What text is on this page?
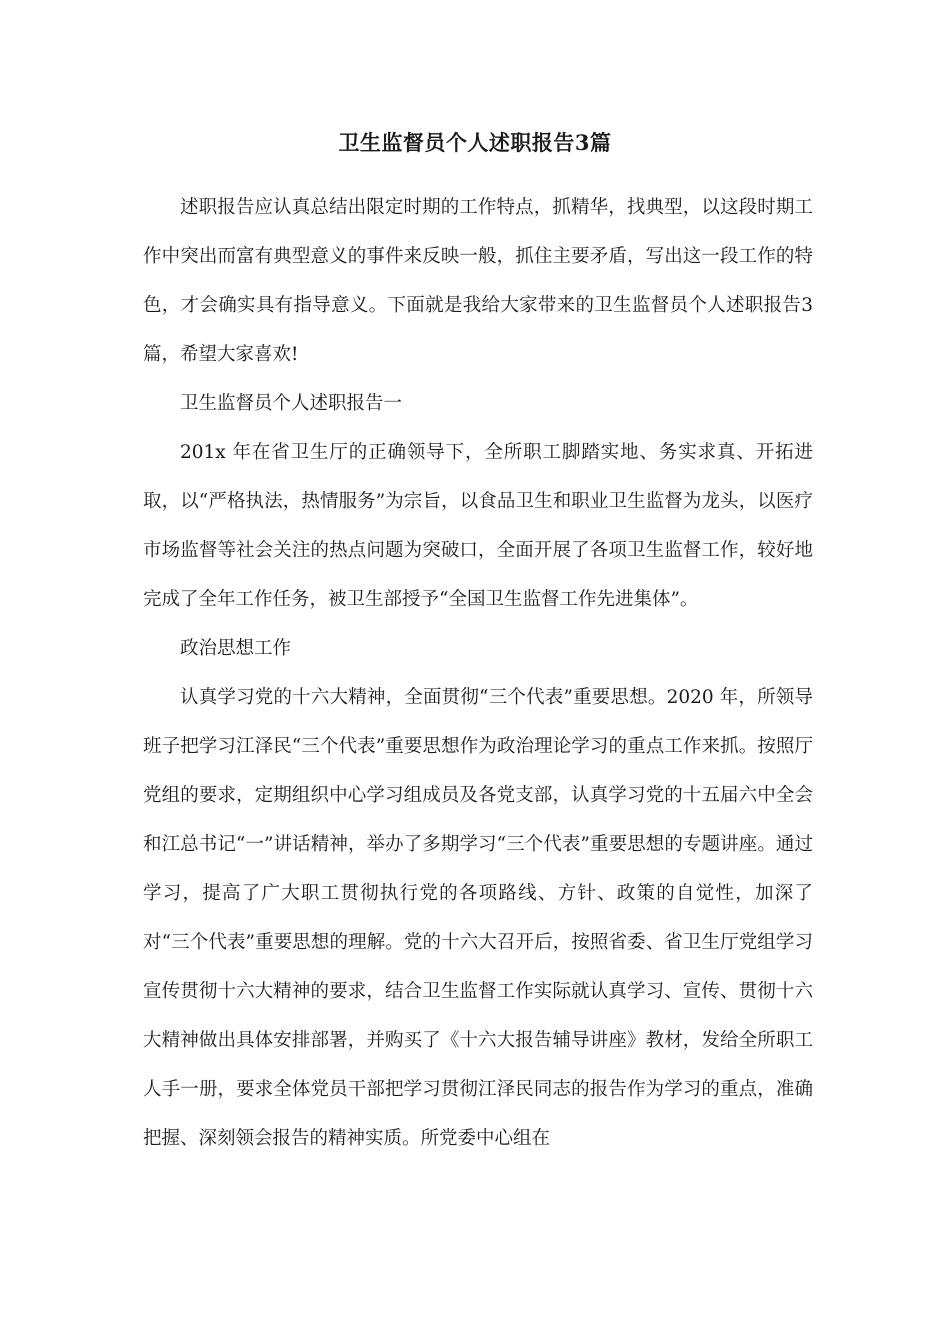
卫生监督员个人述职报告3篇

述职报告应认真总结出限定时期的工作特点，抓精华，找典型，以这段时期工作中突出而富有典型意义的事件来反映一般，抓住主要矛盾，写出这一段工作的特色，才会确实具有指导意义。下面就是我给大家带来的卫生监督员个人述职报告3篇，希望大家喜欢!

卫生监督员个人述职报告一

201x 年在省卫生厅的正确领导下，全所职工脚踏实地、务实求真、开拓进取，以“严格执法，热情服务”为宗旨，以食品卫生和职业卫生监督为龙头，以医疗市场监督等社会关注的热点问题为突破口，全面开展了各项卫生监督工作，较好地完成了全年工作任务，被卫生部授予“全国卫生监督工作先进集体”。

政治思想工作

认真学习党的十六大精神，全面贯彻“三个代表”重要思想。2020 年，所领导班子把学习江泽民“三个代表”重要思想作为政治理论学习的重点工作来抓。按照厅党组的要求，定期组织中心学习组成员及各党支部，认真学习党的十五届六中全会和江总书记“一”讲话精神，举办了多期学习“三个代表”重要思想的专题讲座。通过学习，提高了广大职工贯彻执行党的各项路线、方针、政策的自觉性，加深了对“三个代表”重要思想的理解。党的十六大召开后，按照省委、省卫生厅党组学习宣传贯彻十六大精神的要求，结合卫生监督工作实际就认真学习、宣传、贯彻十六大精神做出具体安排部署，并购买了《十六大报告辅导讲座》教材，发给全所职工人手一册，要求全体党员干部把学习贯彻江泽民同志的报告作为学习的重点，准确把握、深刻领会报告的精神实质。所党委中心组在
